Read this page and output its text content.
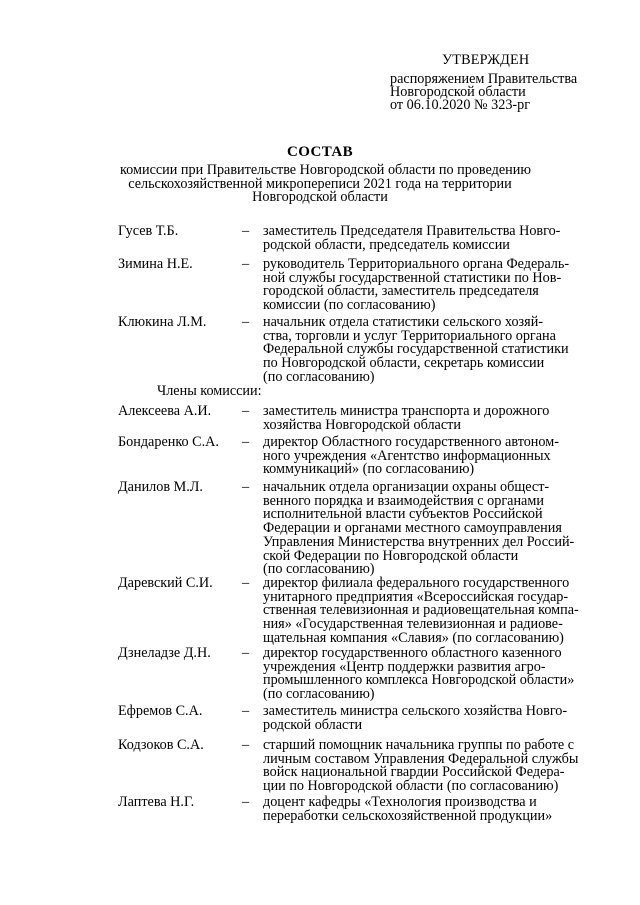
УТВЕРЖДЕН
распоряжением Правительства
Новгородской области
от 06.10.2020 № 323-рг
СОСТАВ
комиссии при Правительстве Новгородской области по проведению
сельскохозяйственной микропереписи 2021 года на территории
Новгородской области
Гусев Т.Б.	– заместитель Председателя Правительства Новго-
родской области, председатель комиссии
Зимина Н.Е.	– руководитель Территориального органа Федераль-
ной службы государственной статистики по Нов-
городской области, заместитель председателя
комиссии (по согласованию)
Клюкина Л.М.	– начальник отдела статистики сельского хозяй-
ства, торговли и услуг Территориального органа
Федеральной службы государственной статистики
по Новгородской области, секретарь комиссии
(по согласованию)
Члены комиссии:
Алексеева А.И. – заместитель министра транспорта и дорожного
хозяйства Новгородской области
Бондаренко С.А. – директор Областного государственного автоном-
ного учреждения «Агентство информационных
коммуникаций» (по согласованию)
Данилов М.Л.	– начальник отдела организации охраны общест-
венного порядка и взаимодействия с органами
исполнительной власти субъектов Российской
Федерации и органами местного самоуправления
Управления Министерства внутренних дел Россий-
ской Федерации по Новгородской области
(по согласованию)
Даревский С.И. – директор филиала федерального государственного
унитарного предприятия «Всероссийская государ-
ственная телевизионная и радиовещательная компа-
ния» «Государственная телевизионная и радиове-
щательная компания «Славия» (по согласованию)
Дзнеладзе Д.Н. – директор государственного областного казенного
учреждения «Центр поддержки развития агро-
промышленного комплекса Новгородской области»
(по согласованию)
Ефремов С.А.	– заместитель министра сельского хозяйства Новго-
родской области
Кодзоков С.А.	– старший помощник начальника группы по работе с
личным составом Управления Федеральной службы
войск национальной гвардии Российской Федера-
ции по Новгородской области (по согласованию)
Лаптева Н.Г.	– доцент кафедры «Технология производства и
переработки сельскохозяйственной продукции»
